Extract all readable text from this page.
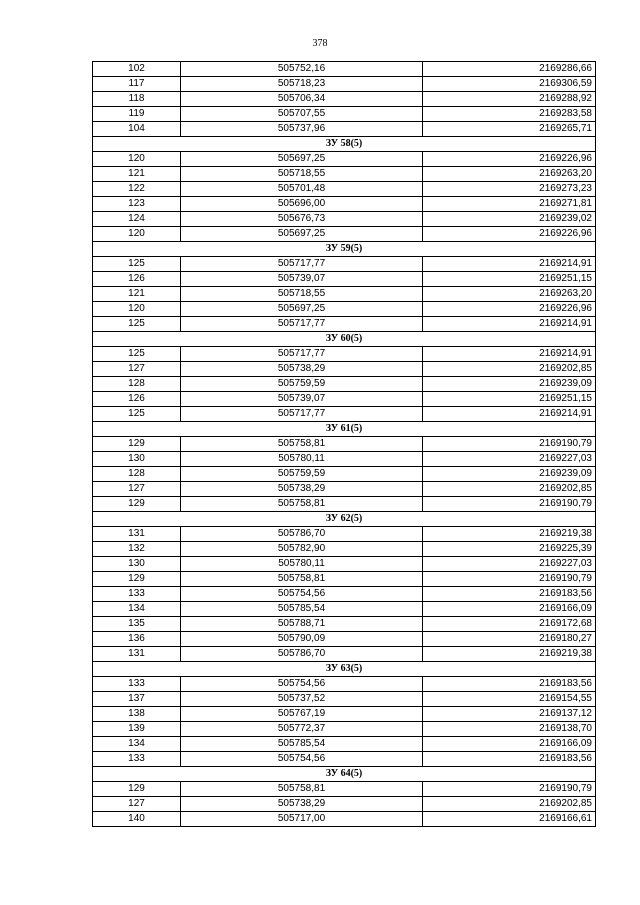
378
102	505752,16	2169286,66
117	505718,23	2169306,59
118	505706,34	2169288,92
119	505707,55	2169283,58
104	505737,96	2169265,71
ЗУ 58(5)		
120	505697,25	2169226,96
121	505718,55	2169263,20
122	505701,48	2169273,23
123	505696,00	2169271,81
124	505676,73	2169239,02
120	505697,25	2169226,96
ЗУ 59(5)		
125	505717,77	2169214,91
126	505739,07	2169251,15
121	505718,55	2169263,20
120	505697,25	2169226,96
125	505717,77	2169214,91
ЗУ 60(5)		
125	505717,77	2169214,91
127	505738,29	2169202,85
128	505759,59	2169239,09
126	505739,07	2169251,15
125	505717,77	2169214,91
ЗУ 61(5)		
129	505758,81	2169190,79
130	505780,11	2169227,03
128	505759,59	2169239,09
127	505738,29	2169202,85
129	505758,81	2169190,79
ЗУ 62(5)		
131	505786,70	2169219,38
132	505782,90	2169225,39
130	505780,11	2169227,03
129	505758,81	2169190,79
133	505754,56	2169183,56
134	505785,54	2169166,09
135	505788,71	2169172,68
136	505790,09	2169180,27
131	505786,70	2169219,38
ЗУ 63(5)		
133	505754,56	2169183,56
137	505737,52	2169154,55
138	505767,19	2169137,12
139	505772,37	2169138,70
134	505785,54	2169166,09
133	505754,56	2169183,56
ЗУ 64(5)		
129	505758,81	2169190,79
127	505738,29	2169202,85
140	505717,00	2169166,61
